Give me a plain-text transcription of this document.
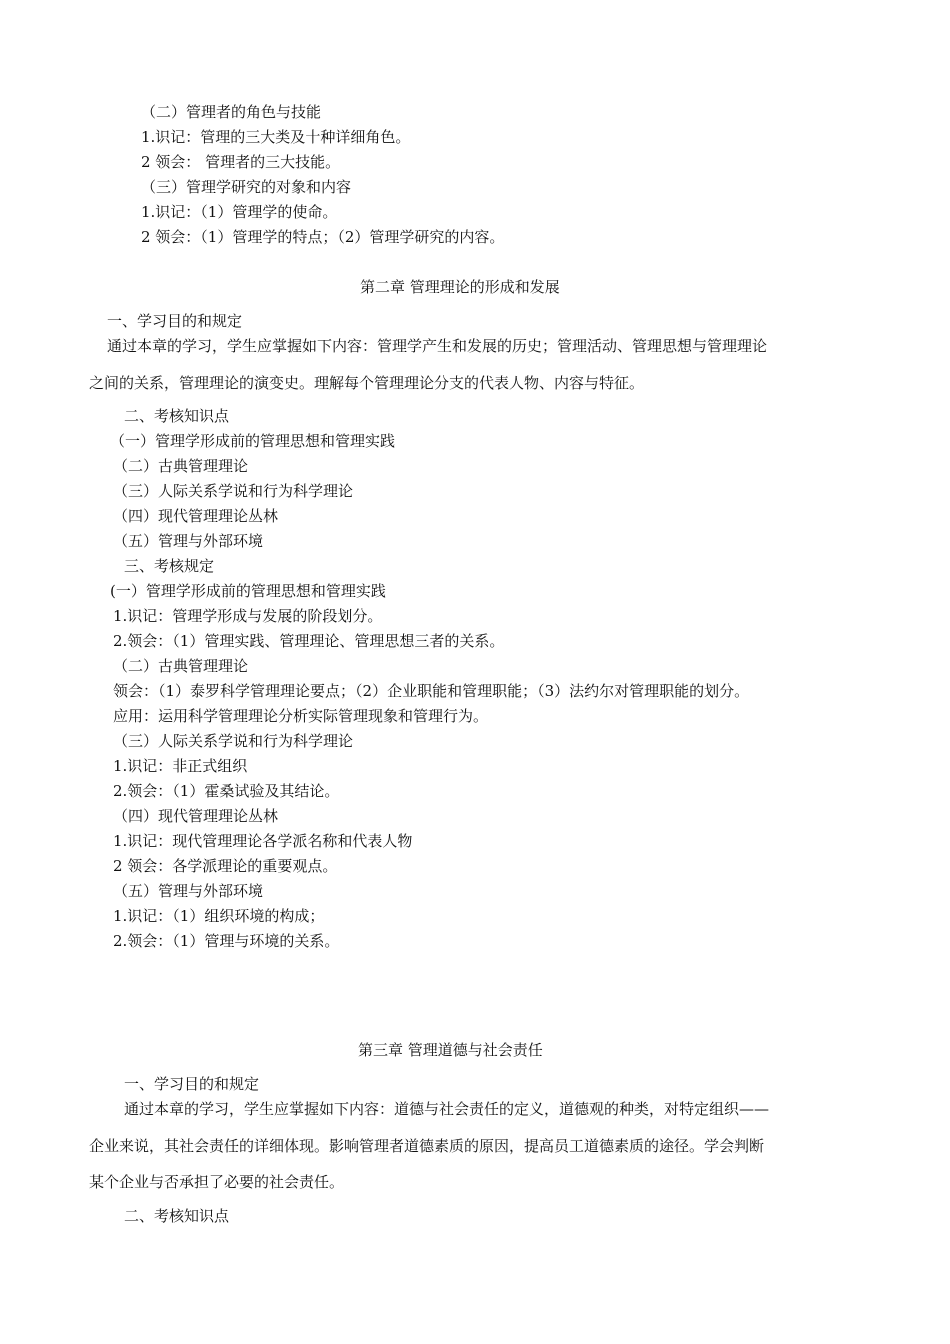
（二）管理者的角色与技能
1.识记：管理的三大类及十种详细角色。
2 领会： 管理者的三大技能。
（三）管理学研究的对象和内容
1.识记：（1）管理学的使命。
2 领会：（1）管理学的特点；（2）管理学研究的内容。
第二章 管理理论的形成和发展
一、学习目的和规定
通过本章的学习，学生应掌握如下内容：管理学产生和发展的历史；管理活动、管理思想与管理理论
之间的关系，管理理论的演变史。理解每个管理理论分支的代表人物、内容与特征。
二、考核知识点
（一）管理学形成前的管理思想和管理实践
（二）古典管理理论
（三）人际关系学说和行为科学理论
（四）现代管理理论丛林
（五）管理与外部环境
三、考核规定
(一）管理学形成前的管理思想和管理实践
1.识记：管理学形成与发展的阶段划分。
2.领会：（1）管理实践、管理理论、管理思想三者的关系。
（二）古典管理理论
领会：（1）泰罗科学管理理论要点；（2）企业职能和管理职能；（3）法约尔对管理职能的划分。
应用：运用科学管理理论分析实际管理现象和管理行为。
（三）人际关系学说和行为科学理论
1.识记：非正式组织
2.领会：（1）霍桑试验及其结论。
（四）现代管理理论丛林
1.识记：现代管理理论各学派名称和代表人物
2 领会：各学派理论的重要观点。
（五）管理与外部环境
1.识记：（1）组织环境的构成；
2.领会：（1）管理与环境的关系。
第三章 管理道德与社会责任
一、学习目的和规定
通过本章的学习，学生应掌握如下内容：道德与社会责任的定义，道德观的种类，对特定组织——
企业来说，其社会责任的详细体现。影响管理者道德素质的原因，提高员工道德素质的途径。学会判断
某个企业与否承担了必要的社会责任。
二、考核知识点
